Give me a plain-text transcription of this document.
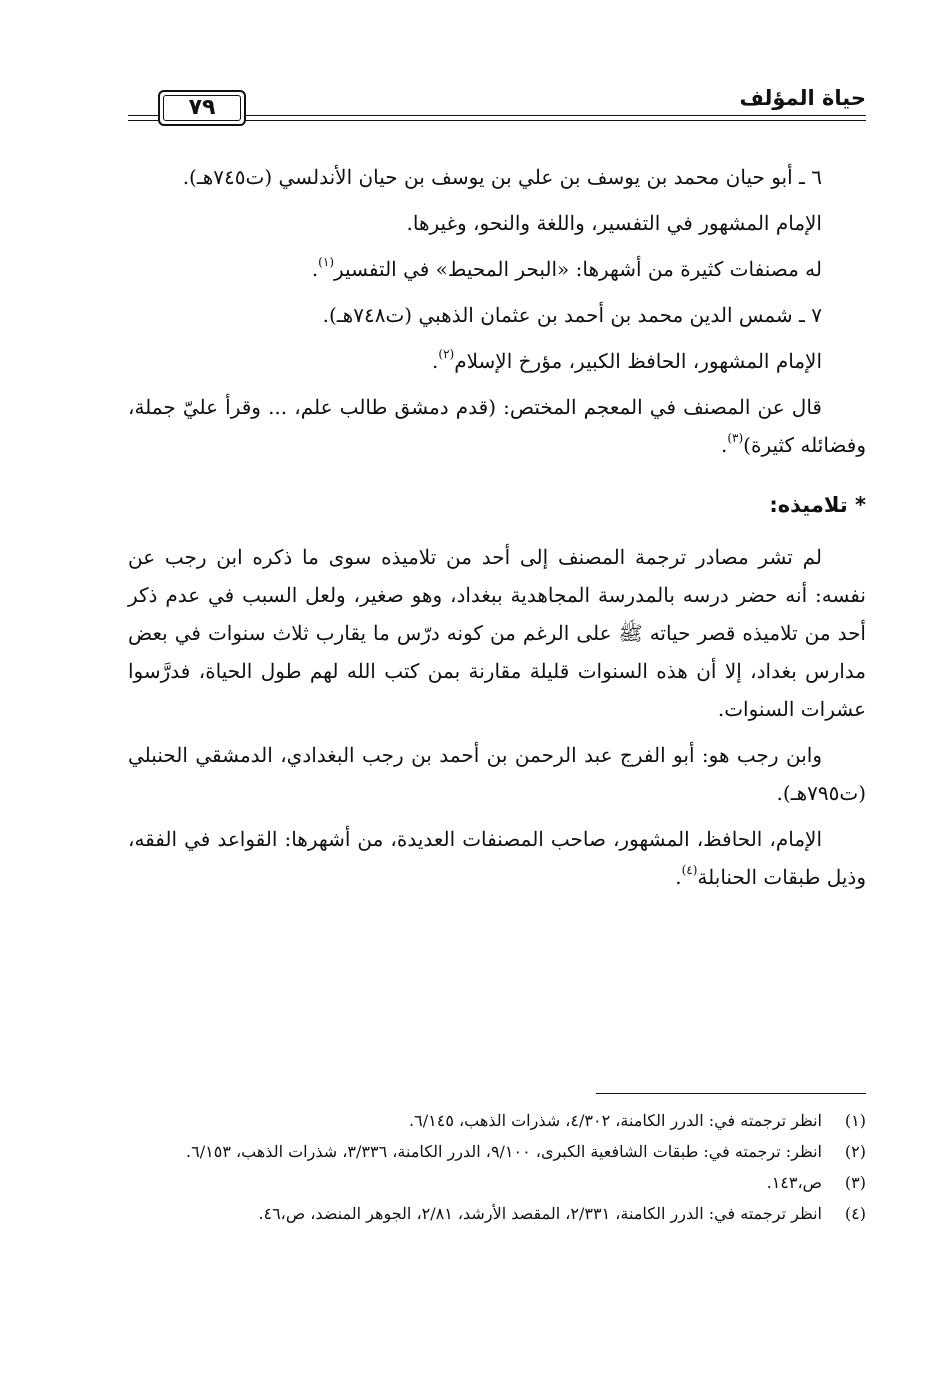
حياة المؤلف
٧٩

٦ ـ أبو حيان محمد بن يوسف بن علي بن يوسف بن حيان الأندلسي (ت٧٤٥هـ).

الإمام المشهور في التفسير، واللغة والنحو، وغيرها.

له مصنفات كثيرة من أشهرها: «البحر المحيط» في التفسير$^{(١)}$.

٧ ـ شمس الدين محمد بن أحمد بن عثمان الذهبي (ت٧٤٨هـ).

الإمام المشهور، الحافظ الكبير، مؤرخ الإسلام$^{(٢)}$.

قال عن المصنف في المعجم المختص: (قدم دمشق طالب علم، ... وقرأ عليّ جملة، وفضائله كثيرة)$^{(٣)}$.

* تلاميذه:

لم تشر مصادر ترجمة المصنف إلى أحد من تلاميذه سوى ما ذكره ابن رجب عن نفسه: أنه حضر درسه بالمدرسة المجاهدية ببغداد، وهو صغير، ولعل السبب في عدم ذكر أحد من تلاميذه قصر حياته ﷺ على الرغم من كونه درّس ما يقارب ثلاث سنوات في بعض مدارس بغداد، إلا أن هذه السنوات قليلة مقارنة بمن كتب الله لهم طول الحياة، فدرَّسوا عشرات السنوات.

وابن رجب هو: أبو الفرج عبد الرحمن بن أحمد بن رجب البغدادي، الدمشقي الحنبلي (ت٧٩٥هـ).

الإمام، الحافظ، المشهور، صاحب المصنفات العديدة، من أشهرها: القواعد في الفقه، وذيل طبقات الحنابلة$^{(٤)}$.

(١)
انظر ترجمته في: الدرر الكامنة، ٤/٣٠٢، شذرات الذهب، ٦/١٤٥.
(٢)
انظر: ترجمته في: طبقات الشافعية الكبرى، ٩/١٠٠، الدرر الكامنة، ٣/٣٣٦، شذرات الذهب، ٦/١٥٣.
(٣)
ص،١٤٣.
(٤)
انظر ترجمته في: الدرر الكامنة، ٢/٣٣١، المقصد الأرشد، ٢/٨١، الجوهر المنضد، ص،٤٦.
